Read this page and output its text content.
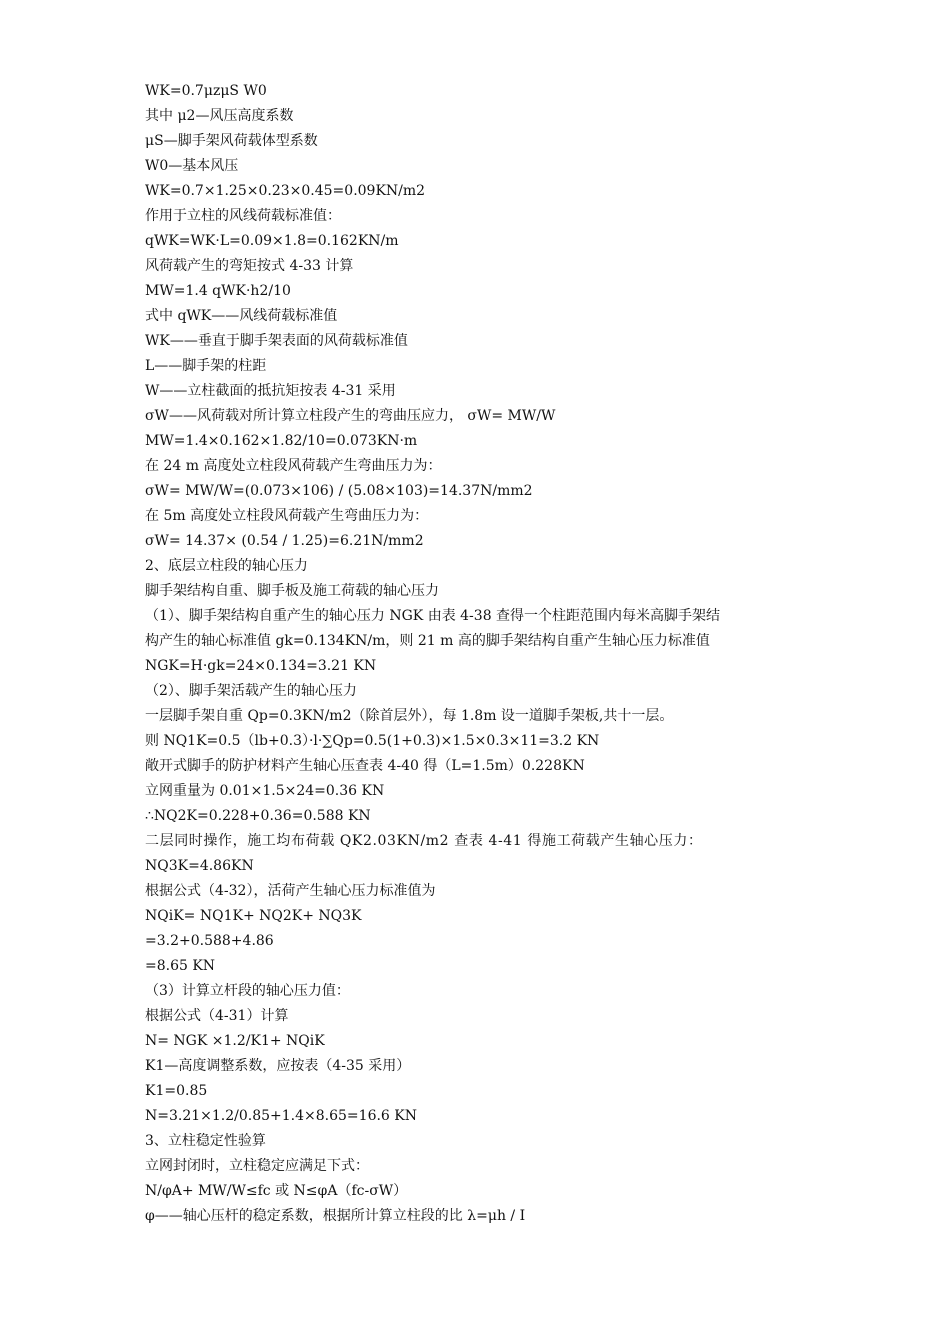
WK=0.7μzμS W0
其中 μ2—风压高度系数
μS—脚手架风荷载体型系数
W0—基本风压
WK=0.7×1.25×0.23×0.45=0.09KN/m2
作用于立柱的风线荷载标准值：
qWK=WK·L=0.09×1.8=0.162KN/m
风荷载产生的弯矩按式 4-33 计算
MW=1.4 qWK·h2/10
式中 qWK——风线荷载标准值
WK——垂直于脚手架表面的风荷载标准值
L——脚手架的柱距
W——立柱截面的抵抗矩按表 4-31 采用
σW——风荷载对所计算立柱段产生的弯曲压应力， σW= MW/W
MW=1.4×0.162×1.82/10=0.073KN·m
在 24 m 高度处立柱段风荷载产生弯曲压力为：
σW= MW/W=(0.073×106) / (5.08×103)=14.37N/mm2
在 5m 高度处立柱段风荷载产生弯曲压力为：
σW= 14.37× (0.54 / 1.25)=6.21N/mm2
2、底层立柱段的轴心压力
脚手架结构自重、脚手板及施工荷载的轴心压力
（1）、脚手架结构自重产生的轴心压力 NGK 由表 4-38 查得一个柱距范围内每米高脚手架结
构产生的轴心标准值 gk=0.134KN/m，则 21 m 高的脚手架结构自重产生轴心压力标准值
NGK=H·gk=24×0.134=3.21 KN
（2）、脚手架活载产生的轴心压力
一层脚手架自重 Qp=0.3KN/m2（除首层外），每 1.8m 设一道脚手架板,共十一层。
则 NQ1K=0.5（lb+0.3）·l·∑Qp=0.5(1+0.3)×1.5×0.3×11=3.2 KN
敞开式脚手的防护材料产生轴心压查表 4-40 得（L=1.5m）0.228KN
立网重量为 0.01×1.5×24=0.36 KN
∴NQ2K=0.228+0.36=0.588 KN
二层同时操作，施工均布荷载 QK2.03KN/m2 查表 4-41 得施工荷载产生轴心压力：
NQ3K=4.86KN
根据公式（4-32），活荷产生轴心压力标准值为
NQiK= NQ1K+ NQ2K+ NQ3K
=3.2+0.588+4.86
=8.65 KN
（3）计算立杆段的轴心压力值：
根据公式（4-31）计算
N= NGK ×1.2/K1+ NQiK
K1—高度调整系数，应按表（4-35 采用）
K1=0.85
N=3.21×1.2/0.85+1.4×8.65=16.6 KN
3、立柱稳定性验算
立网封闭时，立柱稳定应满足下式：
N/φA+ MW/W≤fc 或 N≤φA（fc-σW）
φ——轴心压杆的稳定系数，根据所计算立柱段的比 λ=μh / I
